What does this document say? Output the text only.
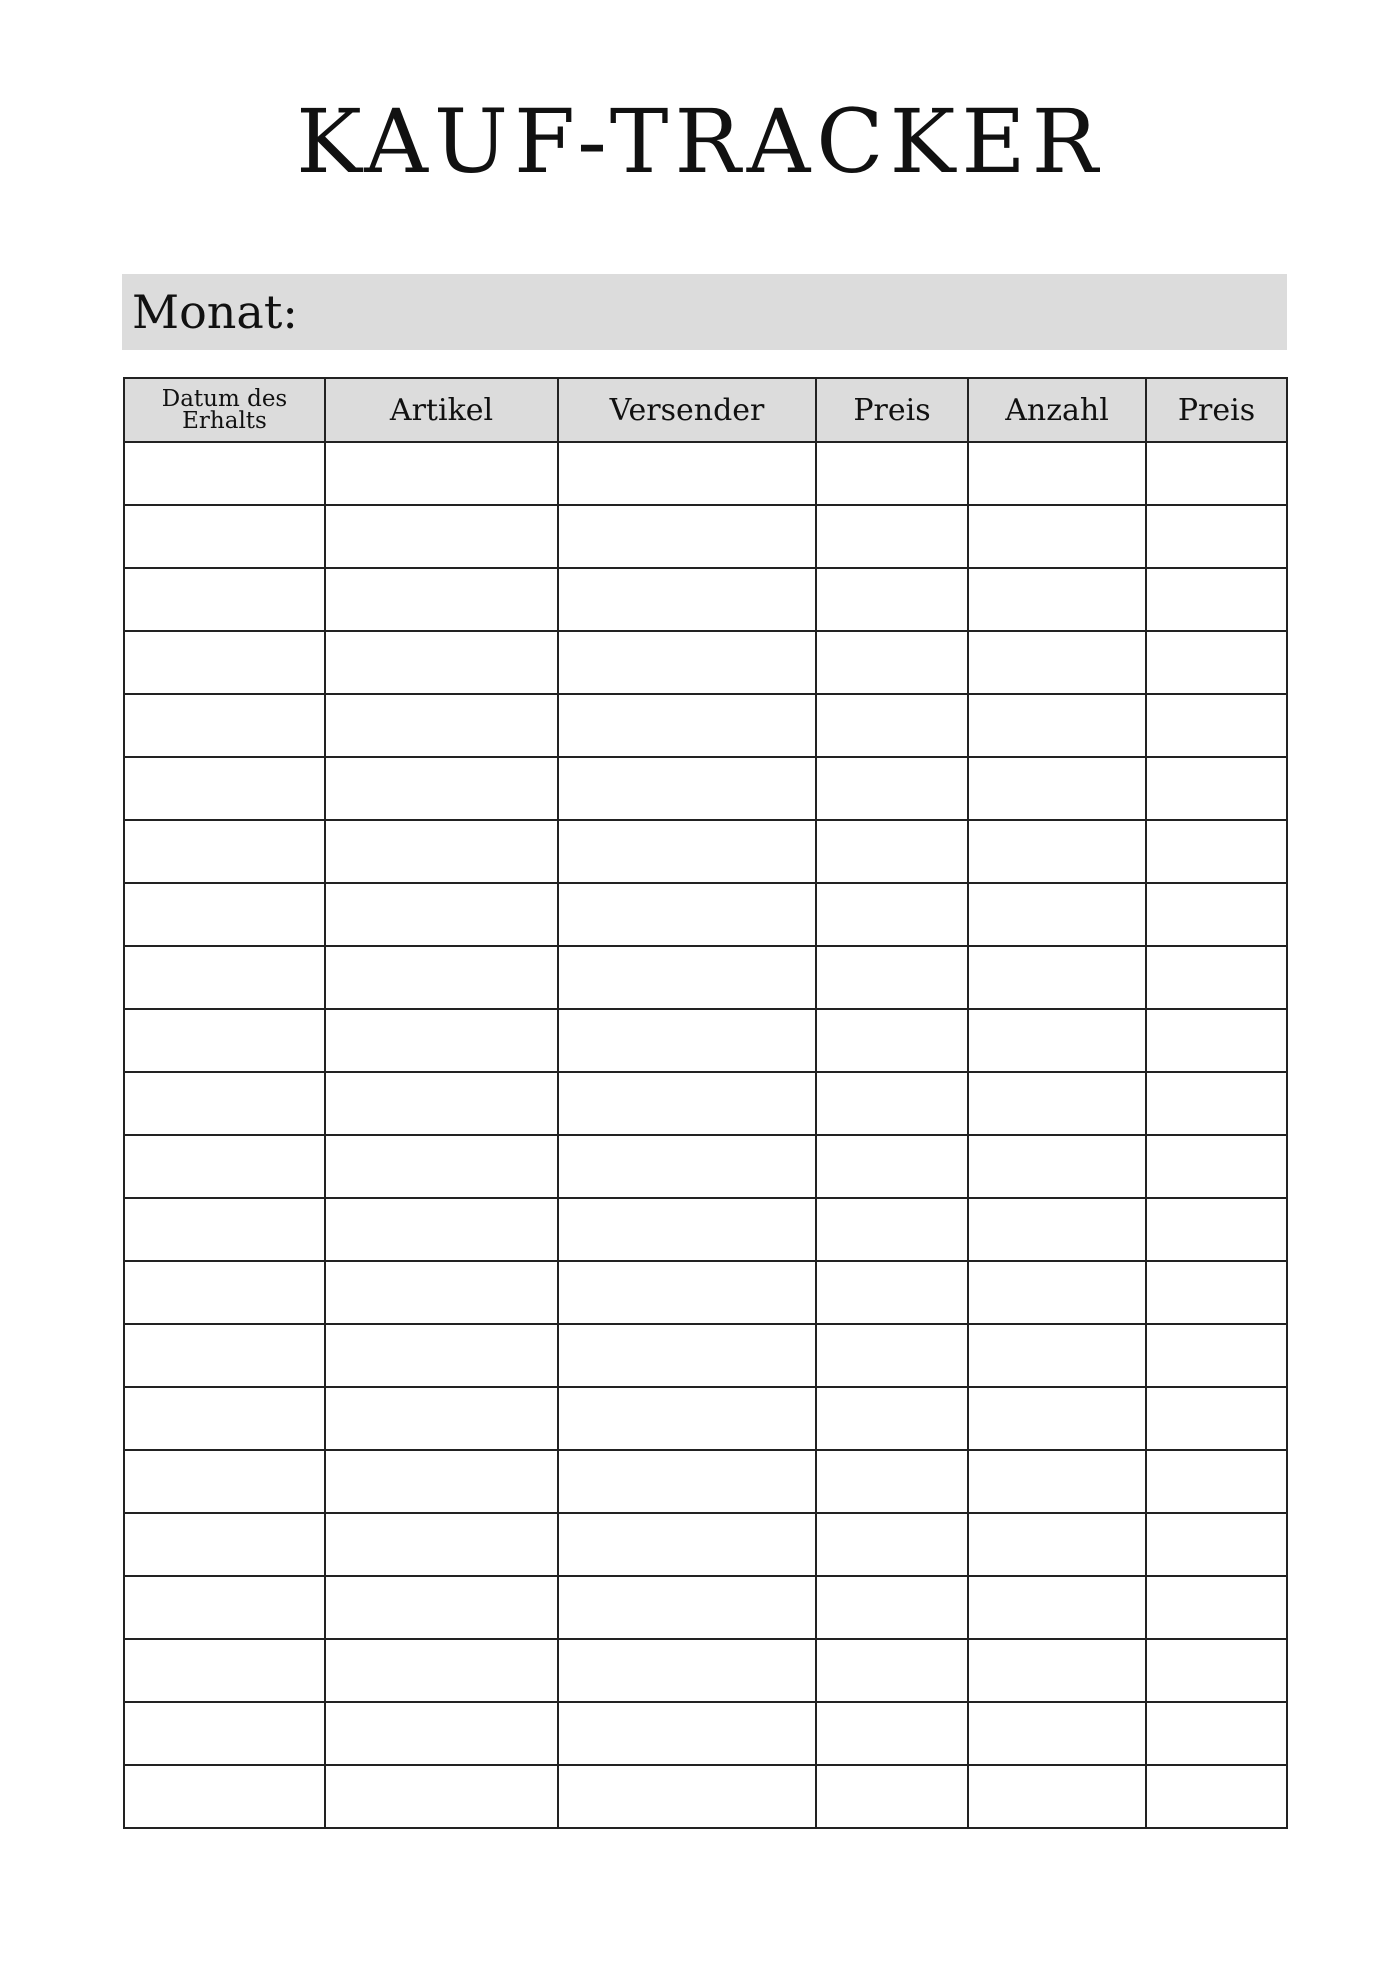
KAUF-TRACKER
Monat:
Datum des
Erhalts	Artikel	Versender	Preis	Anzahl	Preis
